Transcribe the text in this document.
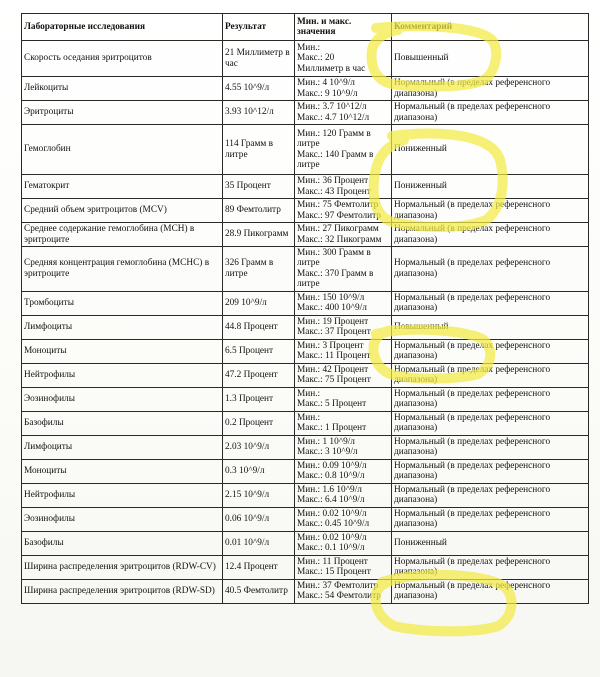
Лабораторные исследования	Результат	Мин. и макс. значения	Комментарий
Скорость оседания эритроцитов	21 Миллиметр в час	Мин.:
Макс.: 20
Миллиметр в час	Повышенный
Лейкоциты	4.55 10^9/л	Мин.: 4 10^9/л
Макс.: 9 10^9/л	Нормальный (в пределах референсного диапазона)
Эритроциты	3.93 10^12/л	Мин.: 3.7 10^12/л
Макс.: 4.7 10^12/л	Нормальный (в пределах референсного диапазона)
Гемоглобин	114 Грамм в литре	Мин.: 120 Грамм в литре
Макс.: 140 Грамм в литре	Пониженный
Гематокрит	35 Процент	Мин.: 36 Процент
Макс.: 43 Процент	Пониженный
Средний объем эритроцитов (MCV)	89 Фемтолитр	Мин.: 75 Фемтолитр
Макс.: 97 Фемтолитр	Нормальный (в пределах референсного диапазона)
Среднее содержание гемоглобина (MCH) в эритроците	28.9 Пикограмм	Мин.: 27 Пикограмм
Макс.: 32 Пикограмм	Нормальный (в пределах референсного диапазона)
Средняя концентрация гемоглобина (MCHC) в эритроците	326 Грамм в литре	Мин.: 300 Грамм в литре
Макс.: 370 Грамм в литре	Нормальный (в пределах референсного диапазона)
Тромбоциты	209 10^9/л	Мин.: 150 10^9/л
Макс.: 400 10^9/л	Нормальный (в пределах референсного диапазона)
Лимфоциты	44.8 Процент	Мин.: 19 Процент
Макс.: 37 Процент	Повышенный
Моноциты	6.5 Процент	Мин.: 3 Процент
Макс.: 11 Процент	Нормальный (в пределах референсного диапазона)
Нейтрофилы	47.2 Процент	Мин.: 42 Процент
Макс.: 75 Процент	Нормальный (в пределах референсного диапазона)
Эозинофилы	1.3 Процент	Мин.:
Макс.: 5 Процент	Нормальный (в пределах референсного диапазона)
Базофилы	0.2 Процент	Мин.:
Макс.: 1 Процент	Нормальный (в пределах референсного диапазона)
Лимфоциты	2.03 10^9/л	Мин.: 1 10^9/л
Макс.: 3 10^9/л	Нормальный (в пределах референсного диапазона)
Моноциты	0.3 10^9/л	Мин.: 0.09 10^9/л
Макс.: 0.8 10^9/л	Нормальный (в пределах референсного диапазона)
Нейтрофилы	2.15 10^9/л	Мин.: 1.6 10^9/л
Макс.: 6.4 10^9/л	Нормальный (в пределах референсного диапазона)
Эозинофилы	0.06 10^9/л	Мин.: 0.02 10^9/л
Макс.: 0.45 10^9/л	Нормальный (в пределах референсного диапазона)
Базофилы	0.01 10^9/л	Мин.: 0.02 10^9/л
Макс.: 0.1 10^9/л	Пониженный
Ширина распределения эритроцитов (RDW-CV)	12.4 Процент	Мин.: 11 Процент
Макс.: 15 Процент	Нормальный (в пределах референсного диапазона)
Ширина распределения эритроцитов (RDW-SD)	40.5 Фемтолитр	Мин.: 37 Фемтолитр
Макс.: 54 Фемтолитр	Нормальный (в пределах референсного диапазона)
